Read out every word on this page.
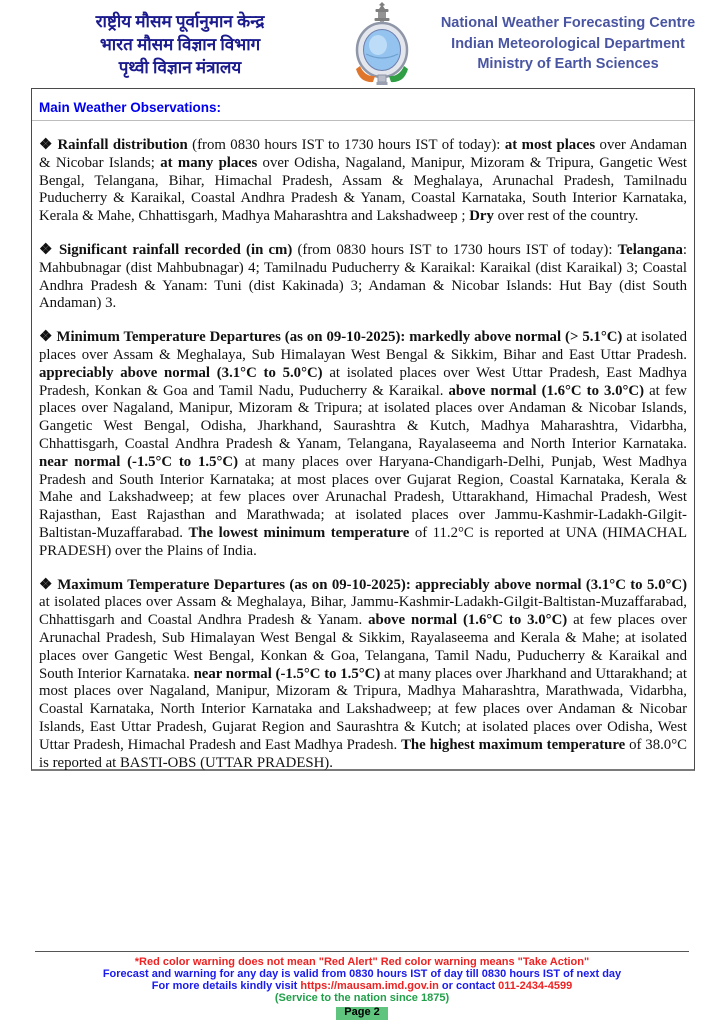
राष्ट्रीय मौसम पूर्वानुमान केन्द्र
भारत मौसम विज्ञान विभाग
पृथ्वी विज्ञान मंत्रालय
National Weather Forecasting Centre
Indian Meteorological Department
Ministry of Earth Sciences
Main Weather Observations:

❖ Rainfall distribution (from 0830 hours IST to 1730 hours IST of today): at most places over Andaman & Nicobar Islands; at many places over Odisha, Nagaland, Manipur, Mizoram & Tripura, Gangetic West Bengal, Telangana, Bihar, Himachal Pradesh, Assam & Meghalaya, Arunachal Pradesh, Tamilnadu Puducherry & Karaikal, Coastal Andhra Pradesh & Yanam, Coastal Karnataka, South Interior Karnataka, Kerala & Mahe, Chhattisgarh, Madhya Maharashtra and Lakshadweep ; Dry over rest of the country.

❖ Significant rainfall recorded (in cm) (from 0830 hours IST to 1730 hours IST of today): Telangana: Mahbubnagar (dist Mahbubnagar) 4; Tamilnadu Puducherry & Karaikal: Karaikal (dist Karaikal) 3; Coastal Andhra Pradesh & Yanam: Tuni (dist Kakinada) 3; Andaman & Nicobar Islands: Hut Bay (dist South Andaman) 3.

❖ Minimum Temperature Departures (as on 09-10-2025): markedly above normal (> 5.1°C) at isolated places over Assam & Meghalaya, Sub Himalayan West Bengal & Sikkim, Bihar and East Uttar Pradesh. appreciably above normal (3.1°C to 5.0°C) at isolated places over West Uttar Pradesh, East Madhya Pradesh, Konkan & Goa and Tamil Nadu, Puducherry & Karaikal. above normal (1.6°C to 3.0°C) at few places over Nagaland, Manipur, Mizoram & Tripura; at isolated places over Andaman & Nicobar Islands, Gangetic West Bengal, Odisha, Jharkhand, Saurashtra & Kutch, Madhya Maharashtra, Vidarbha, Chhattisgarh, Coastal Andhra Pradesh & Yanam, Telangana, Rayalaseema and North Interior Karnataka. near normal (-1.5°C to 1.5°C) at many places over Haryana-Chandigarh-Delhi, Punjab, West Madhya Pradesh and South Interior Karnataka; at most places over Gujarat Region, Coastal Karnataka, Kerala & Mahe and Lakshadweep; at few places over Arunachal Pradesh, Uttarakhand, Himachal Pradesh, West Rajasthan, East Rajasthan and Marathwada; at isolated places over Jammu-Kashmir-Ladakh-Gilgit-Baltistan-Muzaffarabad. The lowest minimum temperature of 11.2°C is reported at UNA (HIMACHAL PRADESH) over the Plains of India.

❖ Maximum Temperature Departures (as on 09-10-2025): appreciably above normal (3.1°C to 5.0°C) at isolated places over Assam & Meghalaya, Bihar, Jammu-Kashmir-Ladakh-Gilgit-Baltistan-Muzaffarabad, Chhattisgarh and Coastal Andhra Pradesh & Yanam. above normal (1.6°C to 3.0°C) at few places over Arunachal Pradesh, Sub Himalayan West Bengal & Sikkim, Rayalaseema and Kerala & Mahe; at isolated places over Gangetic West Bengal, Konkan & Goa, Telangana, Tamil Nadu, Puducherry & Karaikal and South Interior Karnataka. near normal (-1.5°C to 1.5°C) at many places over Jharkhand and Uttarakhand; at most places over Nagaland, Manipur, Mizoram & Tripura, Madhya Maharashtra, Marathwada, Vidarbha, Coastal Karnataka, North Interior Karnataka and Lakshadweep; at few places over Andaman & Nicobar Islands, East Uttar Pradesh, Gujarat Region and Saurashtra & Kutch; at isolated places over Odisha, West Uttar Pradesh, Himachal Pradesh and East Madhya Pradesh. The highest maximum temperature of 38.0°C is reported at BASTI-OBS (UTTAR PRADESH).

*Red color warning does not mean "Red Alert" Red color warning means "Take Action"
Forecast and warning for any day is valid from 0830 hours IST of day till 0830 hours IST of next day
For more details kindly visit https://mausam.imd.gov.in or contact 011-2434-4599
(Service to the nation since 1875)
Page 2
